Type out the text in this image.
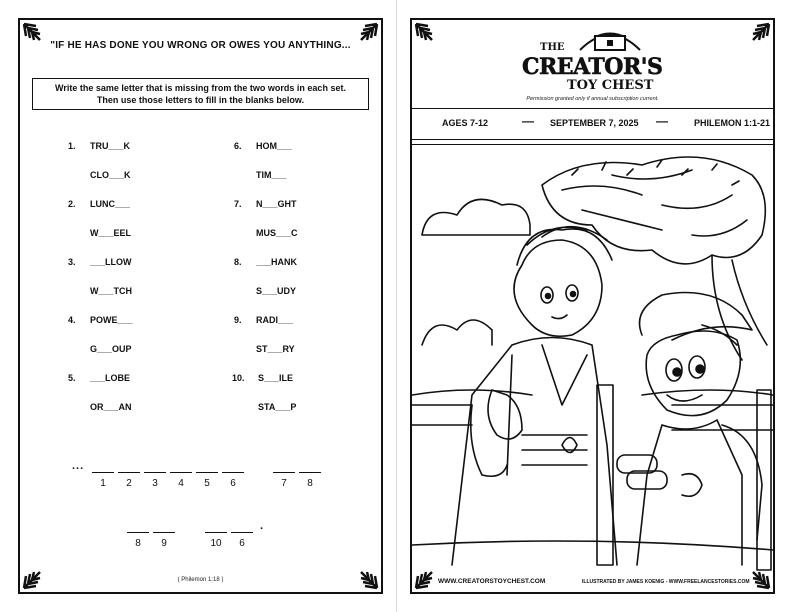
"IF HE HAS DONE YOU WRONG OR OWES YOU ANYTHING...
Write the same letter that is missing from the two words in each set.
Then use those letters to fill in the blanks below.
1. TRU___K
CLO___K
2. LUNC___
W___EEL
3. ___LLOW
W___TCH
4. POWE___
G___OUP
5. ___LOBE
OR___AN
6. HOM___
TIM___
7. N___GHT
MUS___C
8. ___HANK
S___UDY
9. RADI___
ST___RY
10. S___ILE
STA___P
...
1	2	3	4	5	6	7	8
.
8	9	10	6
( Philemon 1:18 )
THE
CREATOR'S
TOY CHEST
Permission granted only if annual subscription current.
AGES 7-12	— SEPTEMBER 7, 2025 —	PHILEMON 1:1-21
WWW.CREATORSTOYCHEST.COM	ILLUSTRATED BY JAMES KOENIG - WWW.FREELANCESTORIES.COM
